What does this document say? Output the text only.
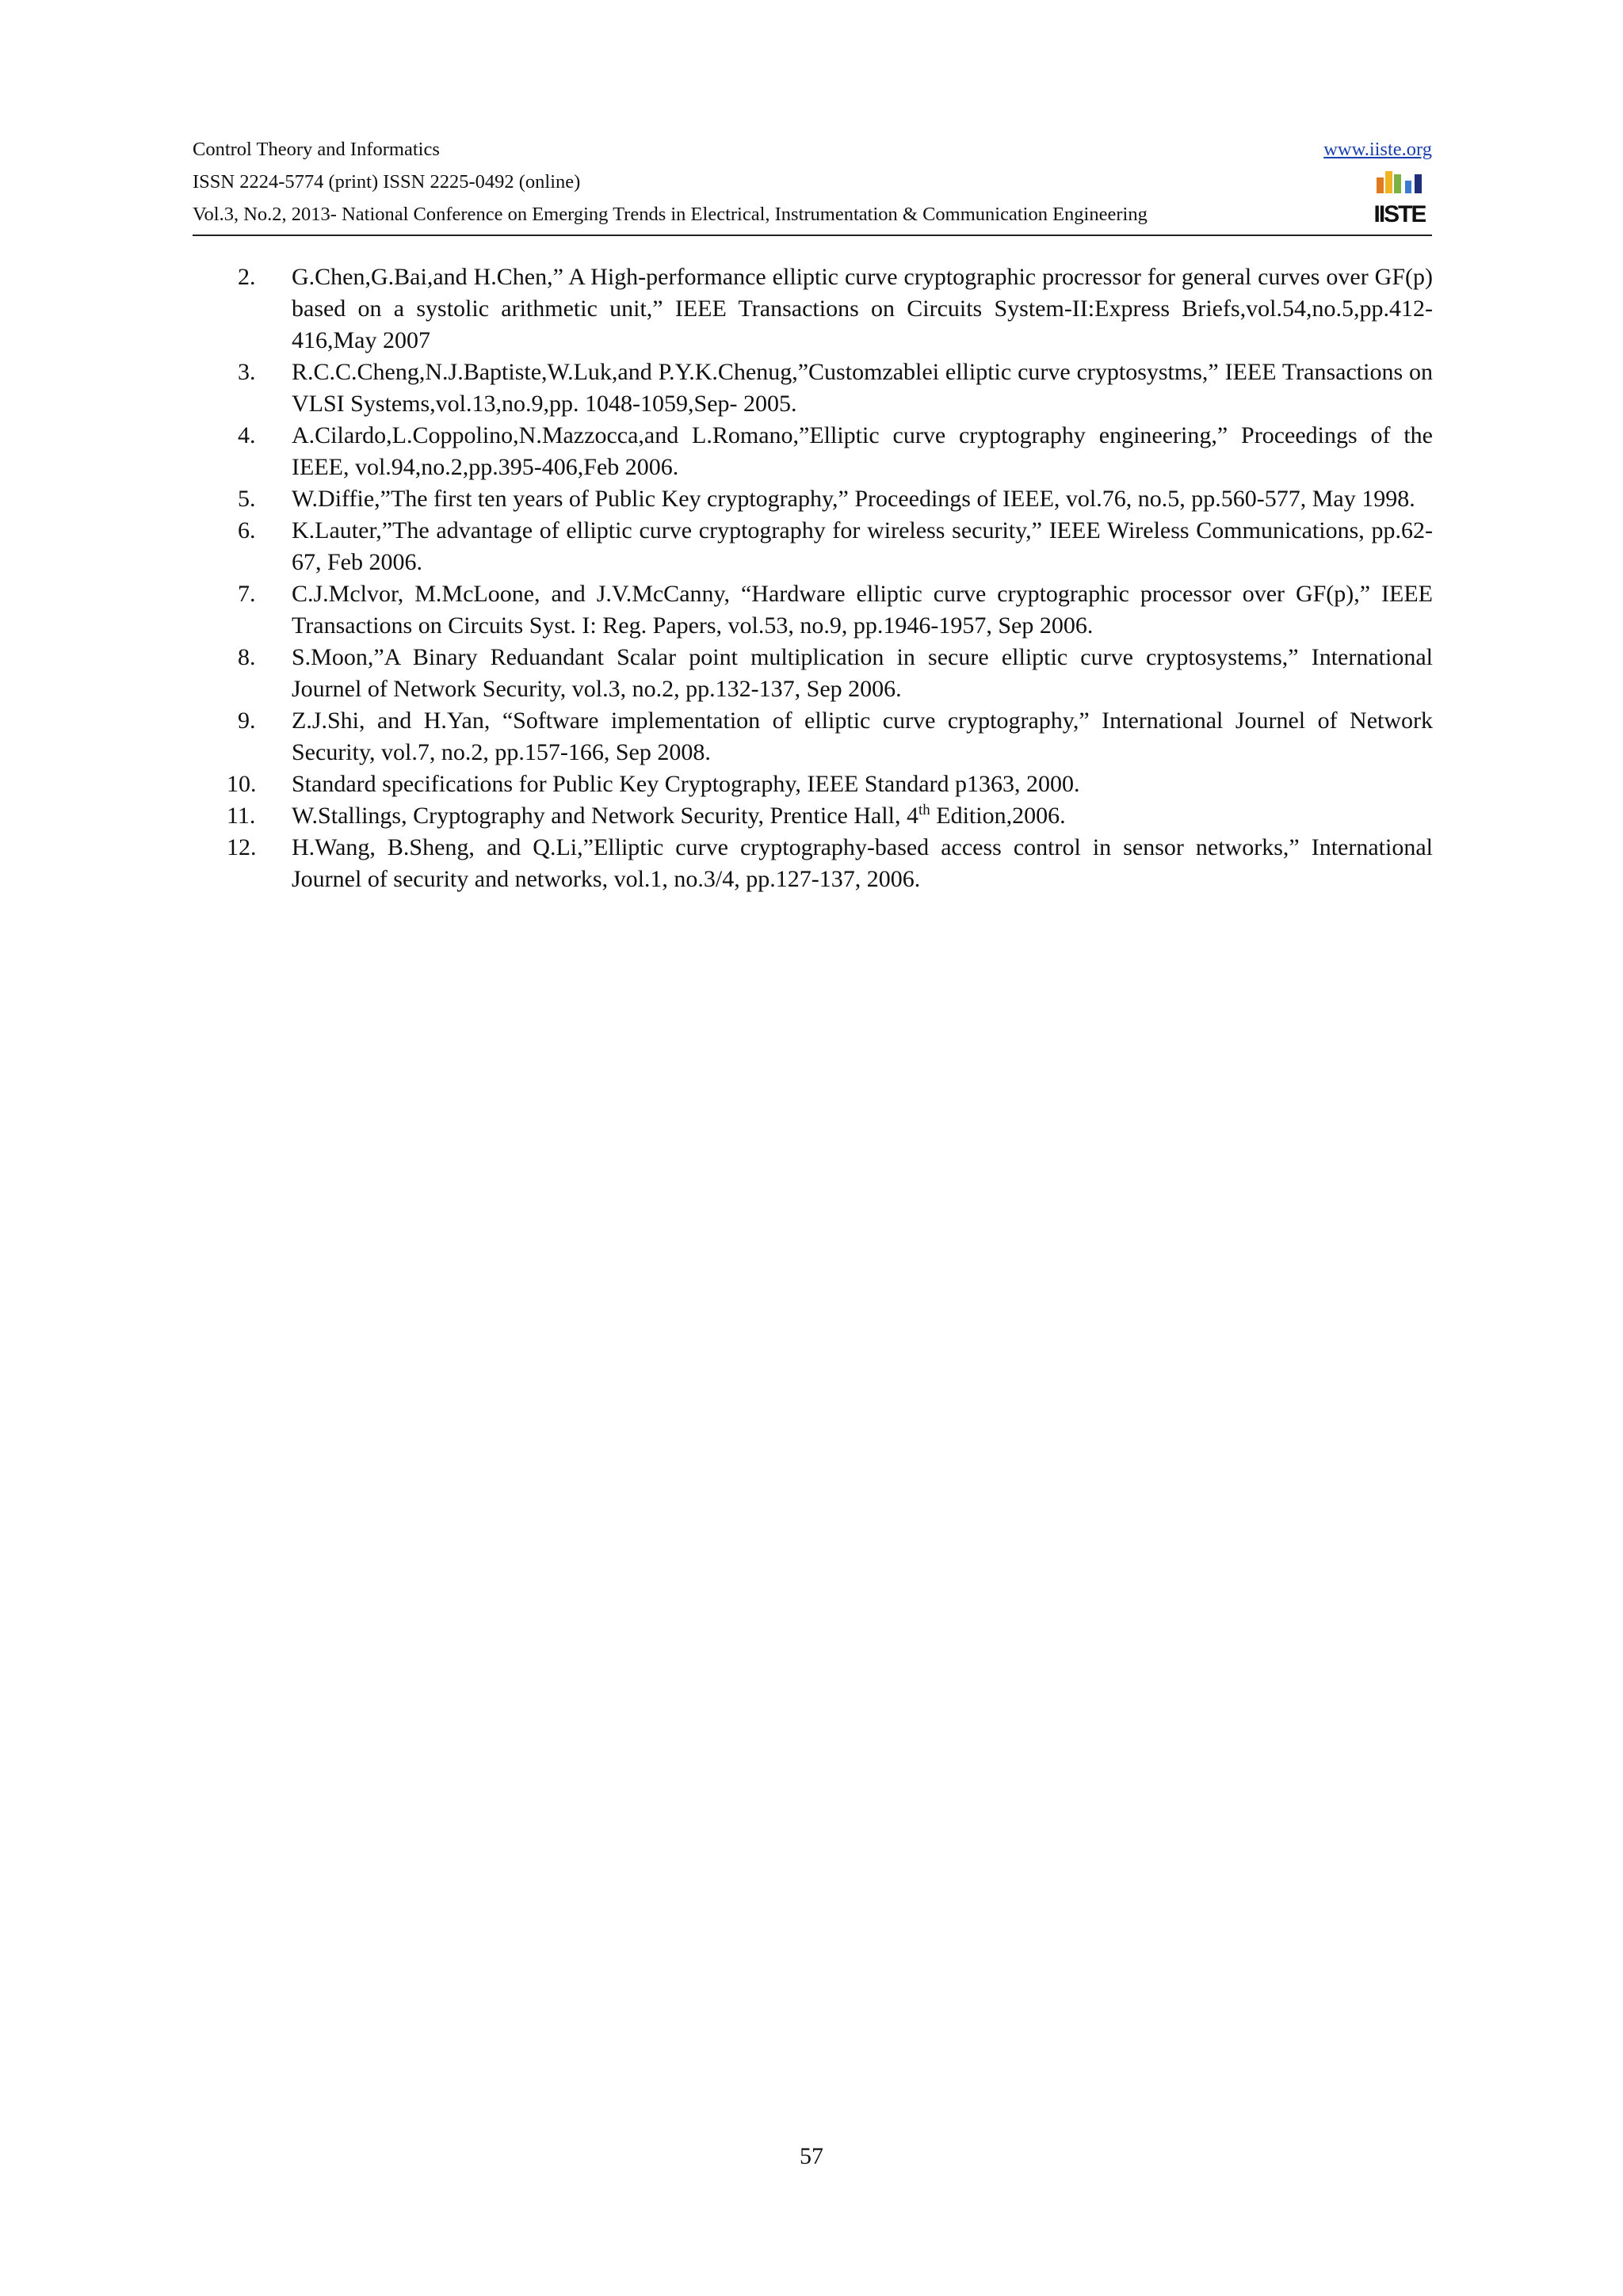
Control Theory and Informatics
ISSN 2224-5774 (print) ISSN 2225-0492 (online)
Vol.3, No.2, 2013- National Conference on Emerging Trends in Electrical, Instrumentation & Communication Engineering
www.iiste.org
IISTE
2.	G.Chen,G.Bai,and H.Chen,” A High-performance elliptic curve cryptographic procressor for general curves over GF(p) based on a systolic arithmetic unit,” IEEE Transactions on Circuits System-II:Express Briefs,vol.54,no.5,pp.412-416,May 2007
3.	R.C.C.Cheng,N.J.Baptiste,W.Luk,and P.Y.K.Chenug,”Customzablei elliptic curve cryptosystms,” IEEE Transactions on VLSI Systems,vol.13,no.9,pp. 1048-1059,Sep- 2005.
4.	A.Cilardo,L.Coppolino,N.Mazzocca,and L.Romano,”Elliptic curve cryptography engineering,” Proceedings of the IEEE, vol.94,no.2,pp.395-406,Feb 2006.
5.	W.Diffie,”The first ten years of Public Key cryptography,” Proceedings of IEEE, vol.76, no.5, pp.560-577, May 1998.
6.	K.Lauter,”The advantage of elliptic curve cryptography for wireless security,” IEEE Wireless Communications, pp.62-67, Feb 2006.
7.	C.J.Mclvor, M.McLoone, and J.V.McCanny, “Hardware elliptic curve cryptographic processor over GF(p),” IEEE Transactions on Circuits Syst. I: Reg. Papers, vol.53, no.9, pp.1946-1957, Sep 2006.
8.	S.Moon,”A Binary Reduandant Scalar point multiplication in secure elliptic curve cryptosystems,” International Journel of Network Security, vol.3, no.2, pp.132-137, Sep 2006.
9.	Z.J.Shi, and H.Yan, “Software implementation of elliptic curve cryptography,” International Journel of Network Security, vol.7, no.2, pp.157-166, Sep 2008.
10.	Standard specifications for Public Key Cryptography, IEEE Standard p1363, 2000.
11.	W.Stallings, Cryptography and Network Security, Prentice Hall, 4th Edition,2006.
12.	H.Wang, B.Sheng, and Q.Li,”Elliptic curve cryptography-based access control in sensor networks,” International Journel of security and networks, vol.1, no.3/4, pp.127-137, 2006.
57
